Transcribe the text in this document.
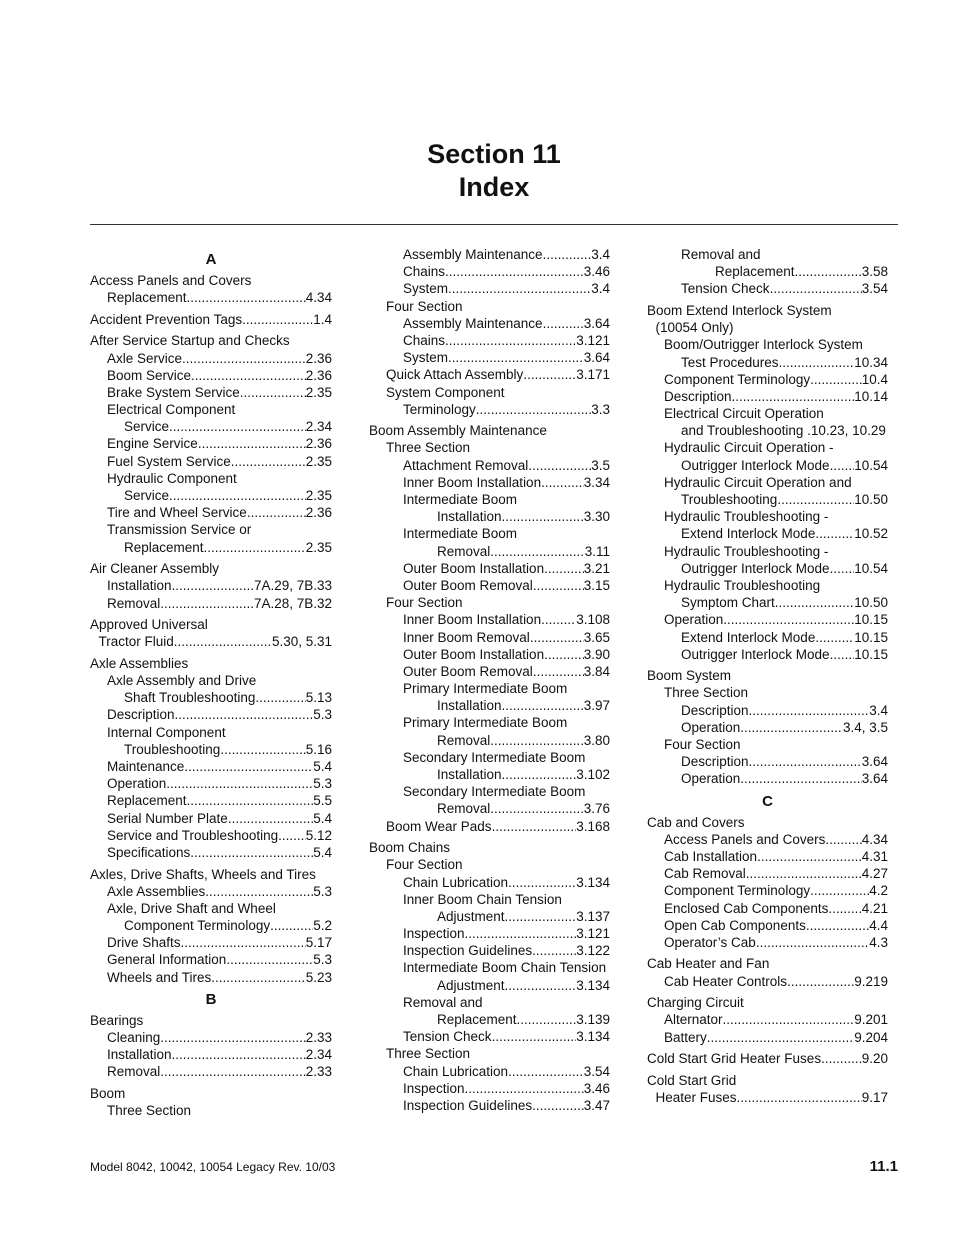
Section 11
Index
A
Access Panels and Covers
Replacement .....	4.34
Accident Prevention Tags .....	1.4
After Service Startup and Checks
Axle Service .....	2.36
Boom Service .....	2.36
Brake System Service .....	2.35
Electrical Component
Service .....	2.34
Engine Service .....	2.36
Fuel System Service .....	2.35
Hydraulic Component
Service .....	2.35
Tire and Wheel Service .....	2.36
Transmission Service or
Replacement .....	2.35
Air Cleaner Assembly
Installation .....	7A.29, 7B.33
Removal .....	7A.28, 7B.32
Approved Universal
Tractor Fluid .....	5.30, 5.31
Axle Assemblies
Axle Assembly and Drive
Shaft Troubleshooting .....	5.13
Description .....	5.3
Internal Component
Troubleshooting .....	5.16
Maintenance .....	5.4
Operation .....	5.3
Replacement .....	5.5
Serial Number Plate .....	5.4
Service and Troubleshooting ..... 5.12
Specifications .....	5.4
Axles, Drive Shafts, Wheels and Tires
Axle Assemblies .....	5.3
Axle, Drive Shaft and Wheel
Component Terminology .....	5.2
Drive Shafts .....	5.17
General Information .....	5.3
Wheels and Tires .....	5.23
B
Bearings
Cleaning .....	2.33
Installation .....	2.34
Removal .....	2.33
Boom
Three Section
Assembly Maintenance .....	3.4
Chains .....	3.46
System .....	3.4
Four Section
Assembly Maintenance .....	3.64
Chains .....	3.121
System .....	3.64
Quick Attach Assembly .....	3.171
System Component
Terminology .....	3.3
Boom Assembly Maintenance
Three Section
Attachment Removal .....	3.5
Inner Boom Installation .....	3.34
Intermediate Boom
Installation .....	3.30
Intermediate Boom
Removal .....	3.11
Outer Boom Installation .....	3.21
Outer Boom Removal .....	3.15
Four Section
Inner Boom Installation .....	3.108
Inner Boom Removal .....	3.65
Outer Boom Installation .....	3.90
Outer Boom Removal .....	3.84
Primary Intermediate Boom
Installation .....	3.97
Primary Intermediate Boom
Removal .....	3.80
Secondary Intermediate Boom
Installation .....	3.102
Secondary Intermediate Boom
Removal .....	3.76
Boom Wear Pads .....	3.168
Boom Chains
Four Section
Chain Lubrication .....	3.134
Inner Boom Chain Tension
Adjustment .....	3.137
Inspection .....	3.121
Inspection Guidelines .....	3.122
Intermediate Boom Chain Tension
Adjustment .....	3.134
Removal and
Replacement .....	3.139
Tension Check .....	3.134
Three Section
Chain Lubrication .....	3.54
Inspection .....	3.46
Inspection Guidelines .....	3.47
Removal and
Replacement .....	3.58
Tension Check .....	3.54
Boom Extend Interlock System
(10054 Only)
Boom/Outrigger Interlock System
Test Procedures .....	10.34
Component Terminology .....	10.4
Description .....	10.14
Electrical Circuit Operation
and Troubleshooting .10.23, 10.29
Hydraulic Circuit Operation -
Outrigger Interlock Mode ..... 10.54
Hydraulic Circuit Operation and
Troubleshooting .....	10.50
Hydraulic Troubleshooting -
Extend Interlock Mode .....	10.52
Hydraulic Troubleshooting -
Outrigger Interlock Mode ..... 10.54
Hydraulic Troubleshooting
Symptom Chart .....	10.50
Operation .....	10.15
Extend Interlock Mode .....	10.15
Outrigger Interlock Mode ..... 10.15
Boom System
Three Section
Description .....	3.4
Operation .....	3.4, 3.5
Four Section
Description .....	3.64
Operation .....	3.64
C
Cab and Covers
Access Panels and Covers .....	4.34
Cab Installation .....	4.31
Cab Removal .....	4.27
Component Terminology .....	4.2
Enclosed Cab Components ..... 4.21
Open Cab Components .....	4.4
Operator’s Cab .....	4.3
Cab Heater and Fan
Cab Heater Controls .....	9.219
Charging Circuit
Alternator .....	9.201
Battery .....	9.204
Cold Start Grid Heater Fuses .....	9.20
Cold Start Grid
Heater Fuses .....	9.17
Model 8042, 10042, 10054 Legacy Rev. 10/03	11.1
